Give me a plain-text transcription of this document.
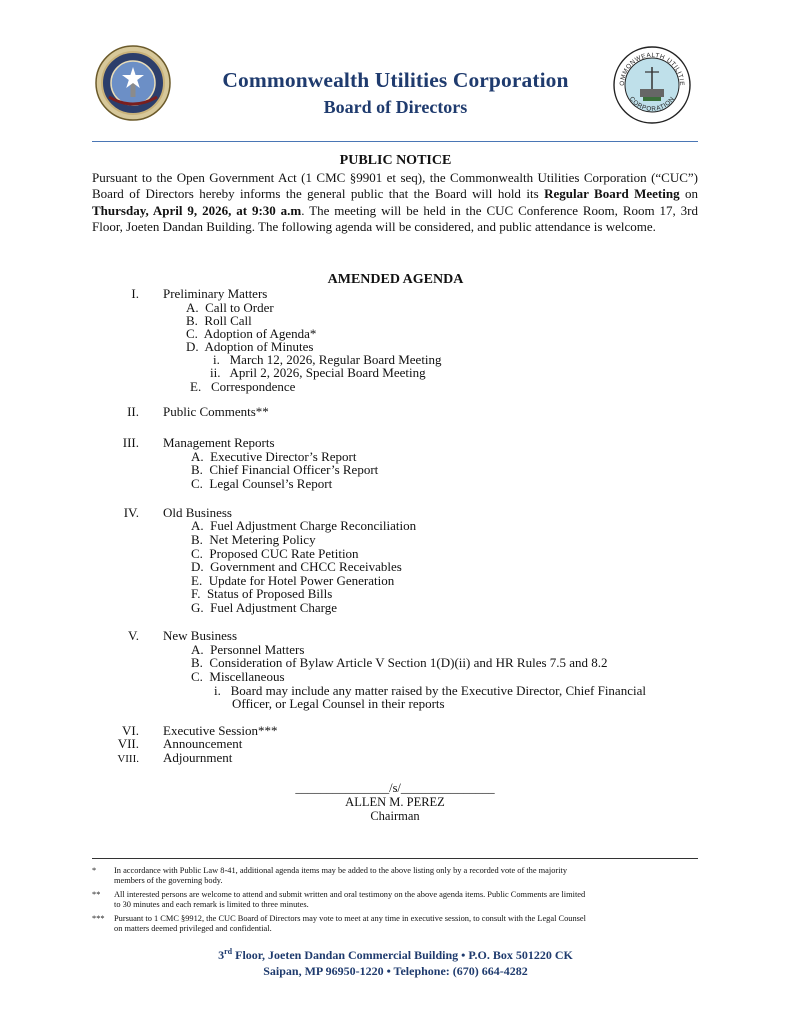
Commonwealth Utilities Corporation
Board of Directors
OMMONWEALTH UTILITIE
CORPORATION
PUBLIC NOTICE
Pursuant to the Open Government Act (1 CMC §9901 et seq), the Commonwealth Utilities Corporation (“CUC”) Board of Directors hereby informs the general public that the Board will hold its Regular Board Meeting on Thursday, April 9, 2026, at 9:30 a.m. The meeting will be held in the CUC Conference Room, Room 17, 3rd Floor, Joeten Dandan Building. The following agenda will be considered, and public attendance is welcome.
AMENDED AGENDA
I. Preliminary Matters
A. Call to Order
B. Roll Call
C. Adoption of Agenda*
D. Adoption of Minutes
i. March 12, 2026, Regular Board Meeting
ii. April 2, 2026, Special Board Meeting
E. Correspondence
II. Public Comments**
III. Management Reports
A. Executive Director’s Report
B. Chief Financial Officer’s Report
C. Legal Counsel’s Report
IV. Old Business
A. Fuel Adjustment Charge Reconciliation
B. Net Metering Policy
C. Proposed CUC Rate Petition
D. Government and CHCC Receivables
E. Update for Hotel Power Generation
F. Status of Proposed Bills
G. Fuel Adjustment Charge
V. New Business
A. Personnel Matters
B. Consideration of Bylaw Article V Section 1(D)(ii) and HR Rules 7.5 and 8.2
C. Miscellaneous
i. Board may include any matter raised by the Executive Director, Chief Financial
Officer, or Legal Counsel in their reports
VI. Executive Session***
VII. Announcement
VIII. Adjournment
_______________/s/_______________
ALLEN M. PEREZ
Chairman
* In accordance with Public Law 8-41, additional agenda items may be added to the above listing only by a recorded vote of the majority
members of the governing body.
** All interested persons are welcome to attend and submit written and oral testimony on the above agenda items. Public Comments are limited
to 30 minutes and each remark is limited to three minutes.
*** Pursuant to 1 CMC §9912, the CUC Board of Directors may vote to meet at any time in executive session, to consult with the Legal Counsel
on matters deemed privileged and confidential.
3rd Floor, Joeten Dandan Commercial Building • P.O. Box 501220 CK
Saipan, MP 96950-1220 • Telephone: (670) 664-4282
